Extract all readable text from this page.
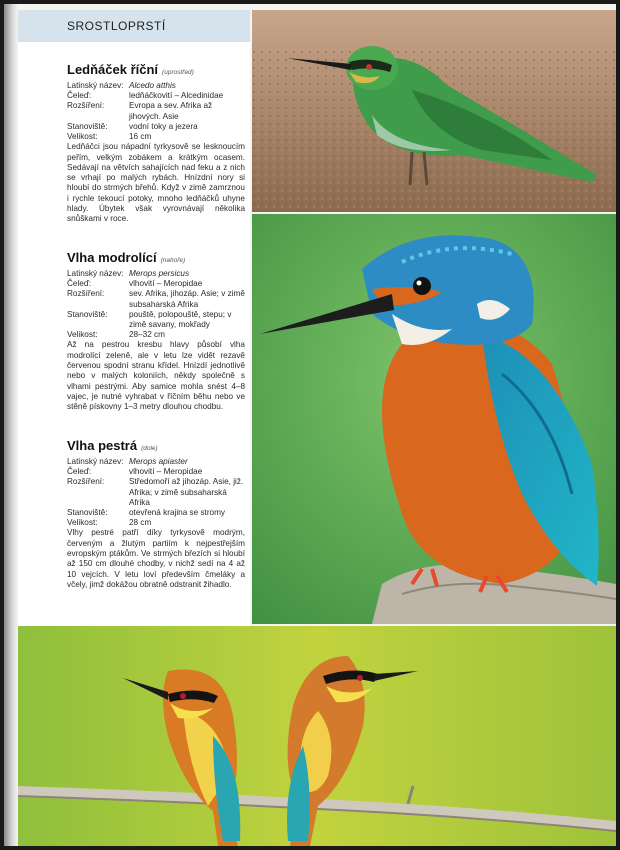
SROSTLOPRSTÍ
Ledňáček říční (uprostřed)
Latinský název: Alcedo atthis
Čeleď:	ledňáčkovití – Alcedinidae
Rozšíření:	Evropa a sev. Afrika až jihových. Asie
Stanoviště:	vodní toky a jezera
Velikost:	16 cm

Ledňáčci jsou nápadní tyrkysově se lesknoucím peřím, velkým zobákem a krátkým ocasem. Sedávají na větvích sahajících nad feku a z nich se vrhají po malých rybách. Hnízdní nory si hloubí do strmých břehů. Když v zimě zamrznou i rychle tekoucí potoky, mnoho ledňáčků uhyne hlady. Úbytek však vyrovnávají několika snůškami v roce.

Vlha modrolící (nahoře)
Latinský název: Merops persicus
Čeleď:	vlhovití – Meropidae
Rozšíření:	sev. Afrika, jihozáp. Asie; v zimě subsaharská Afrika
Stanoviště:	pouště, polopouště, stepu; v zimě savany, mokřady
Velikost:	28–32 cm

Až na pestrou kresbu hlavy působí vlha modrolící zeleně, ale v letu lze vidět rezavě červenou spodní stranu křídel. Hnízdí jednotlivě nebo v malých koloniích, někdy společně s vlhami pestrými. Aby samice mohla snést 4–8 vajec, je nutné vyhrabat v říčním běhu nebo ve stěně pískovny 1–3 metry dlouhou chodbu.

Vlha pestrá (dole)
Latinský název: Merops apiaster
Čeleď:	vlhovití – Meropidae
Rozšíření:	Středomoří až jihozáp. Asie, již. Afrika; v zimě subsaharská Afrika
Stanoviště:	otevřená krajina se stromy
Velikost:	28 cm

Vlhy pestré patří díky tyrkysově modrým, červeným a žlutým partiím k nejpestřejším evropským ptákům. Ve strmých březích si hloubí až 150 cm dlouhé chodby, v nichž sedí na 4 až 10 vejcích. V letu loví především čmeláky a včely, jimž dokážou obratně odstranit žihadlo.
